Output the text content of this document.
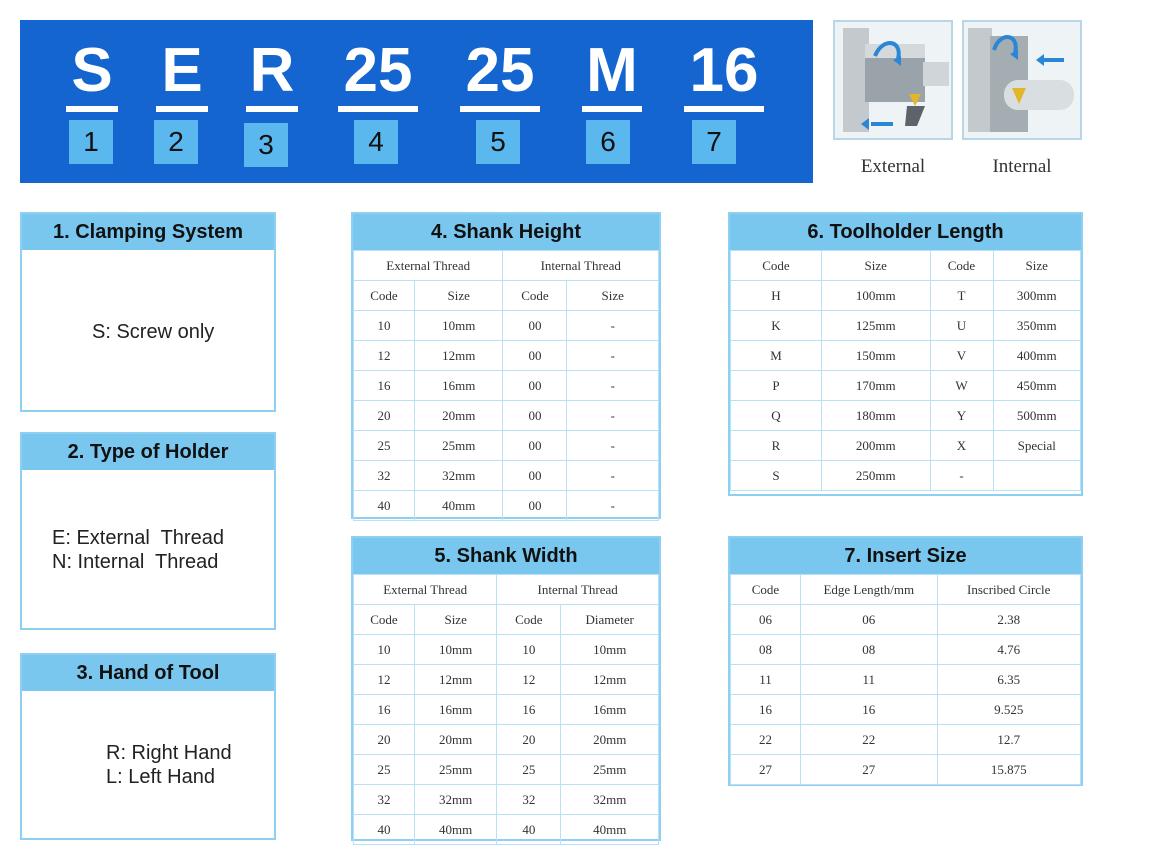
S
1
E
2
R
3
25
4
25
5
M
6
16
7
External	Internal
1. Clamping System
S: Screw only
2. Type of Holder
E: External  Thread
N: Internal  Thread
3. Hand of Tool
R: Right Hand
L: Left Hand
4. Shank Height
External Thread		Internal Thread	
Code	Size	Code	Size
10	10mm	00	-
12	12mm	00	-
16	16mm	00	-
20	20mm	00	-
25	25mm	00	-
32	32mm	00	-
40	40mm	00	-
5. Shank Width
External Thread		Internal Thread	
Code	Size	Code	Diameter
10	10mm	10	10mm
12	12mm	12	12mm
16	16mm	16	16mm
20	20mm	20	20mm
25	25mm	25	25mm
32	32mm	32	32mm
40	40mm	40	40mm
6. Toolholder Length
Code	Size	Code	Size
H	100mm	T	300mm
K	125mm	U	350mm
M	150mm	V	400mm
P	170mm	W	450mm
Q	180mm	Y	500mm
R	200mm	X	Special
S	250mm	-	
7. Insert Size
Code	Edge Length/mm	Inscribed Circle
06	06	2.38
08	08	4.76
11	11	6.35
16	16	9.525
22	22	12.7
27	27	15.875
